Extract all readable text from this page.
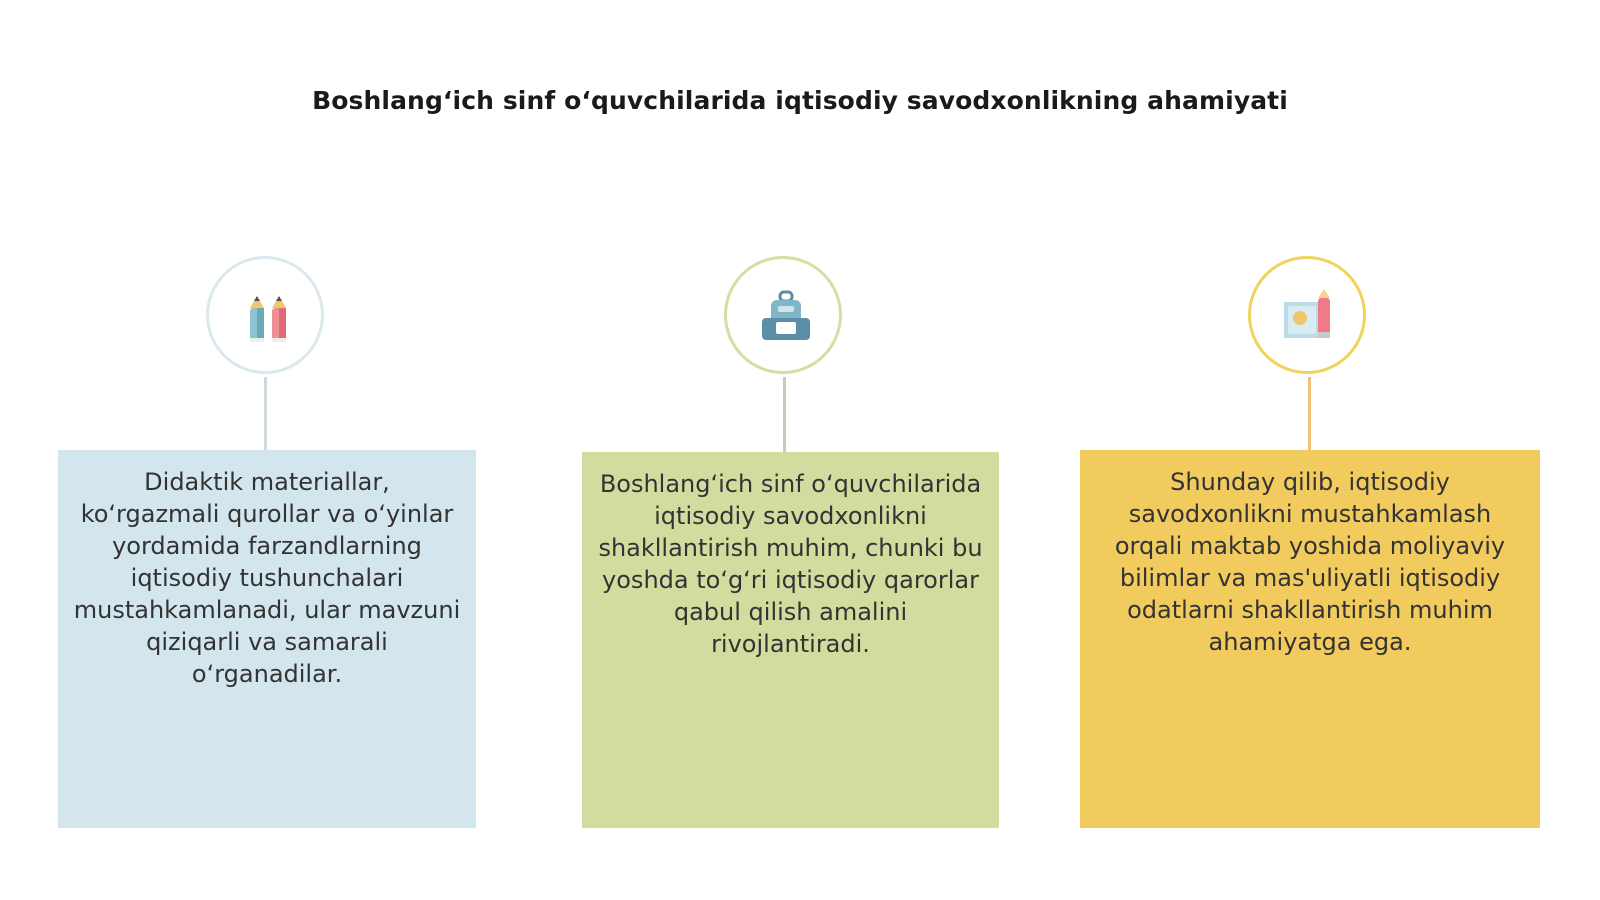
Boshlang‘ich sinf o‘quvchilarida iqtisodiy savodxonlikning ahamiyati
Didaktik materiallar, ko‘rgazmali qurollar va o‘yinlar yordamida farzandlarning iqtisodiy tushunchalari mustahkamlanadi, ular mavzuni qiziqarli va samarali o‘rganadilar.
Boshlang‘ich sinf o‘quvchilarida iqtisodiy savodxonlikni shakllantirish muhim, chunki bu yoshda to‘g‘ri iqtisodiy qarorlar qabul qilish amalini rivojlantiradi.
Shunday qilib, iqtisodiy savodxonlikni mustahkamlash orqali maktab yoshida moliyaviy bilimlar va mas'uliyatli iqtisodiy odatlarni shakllantirish muhim ahamiyatga ega.
